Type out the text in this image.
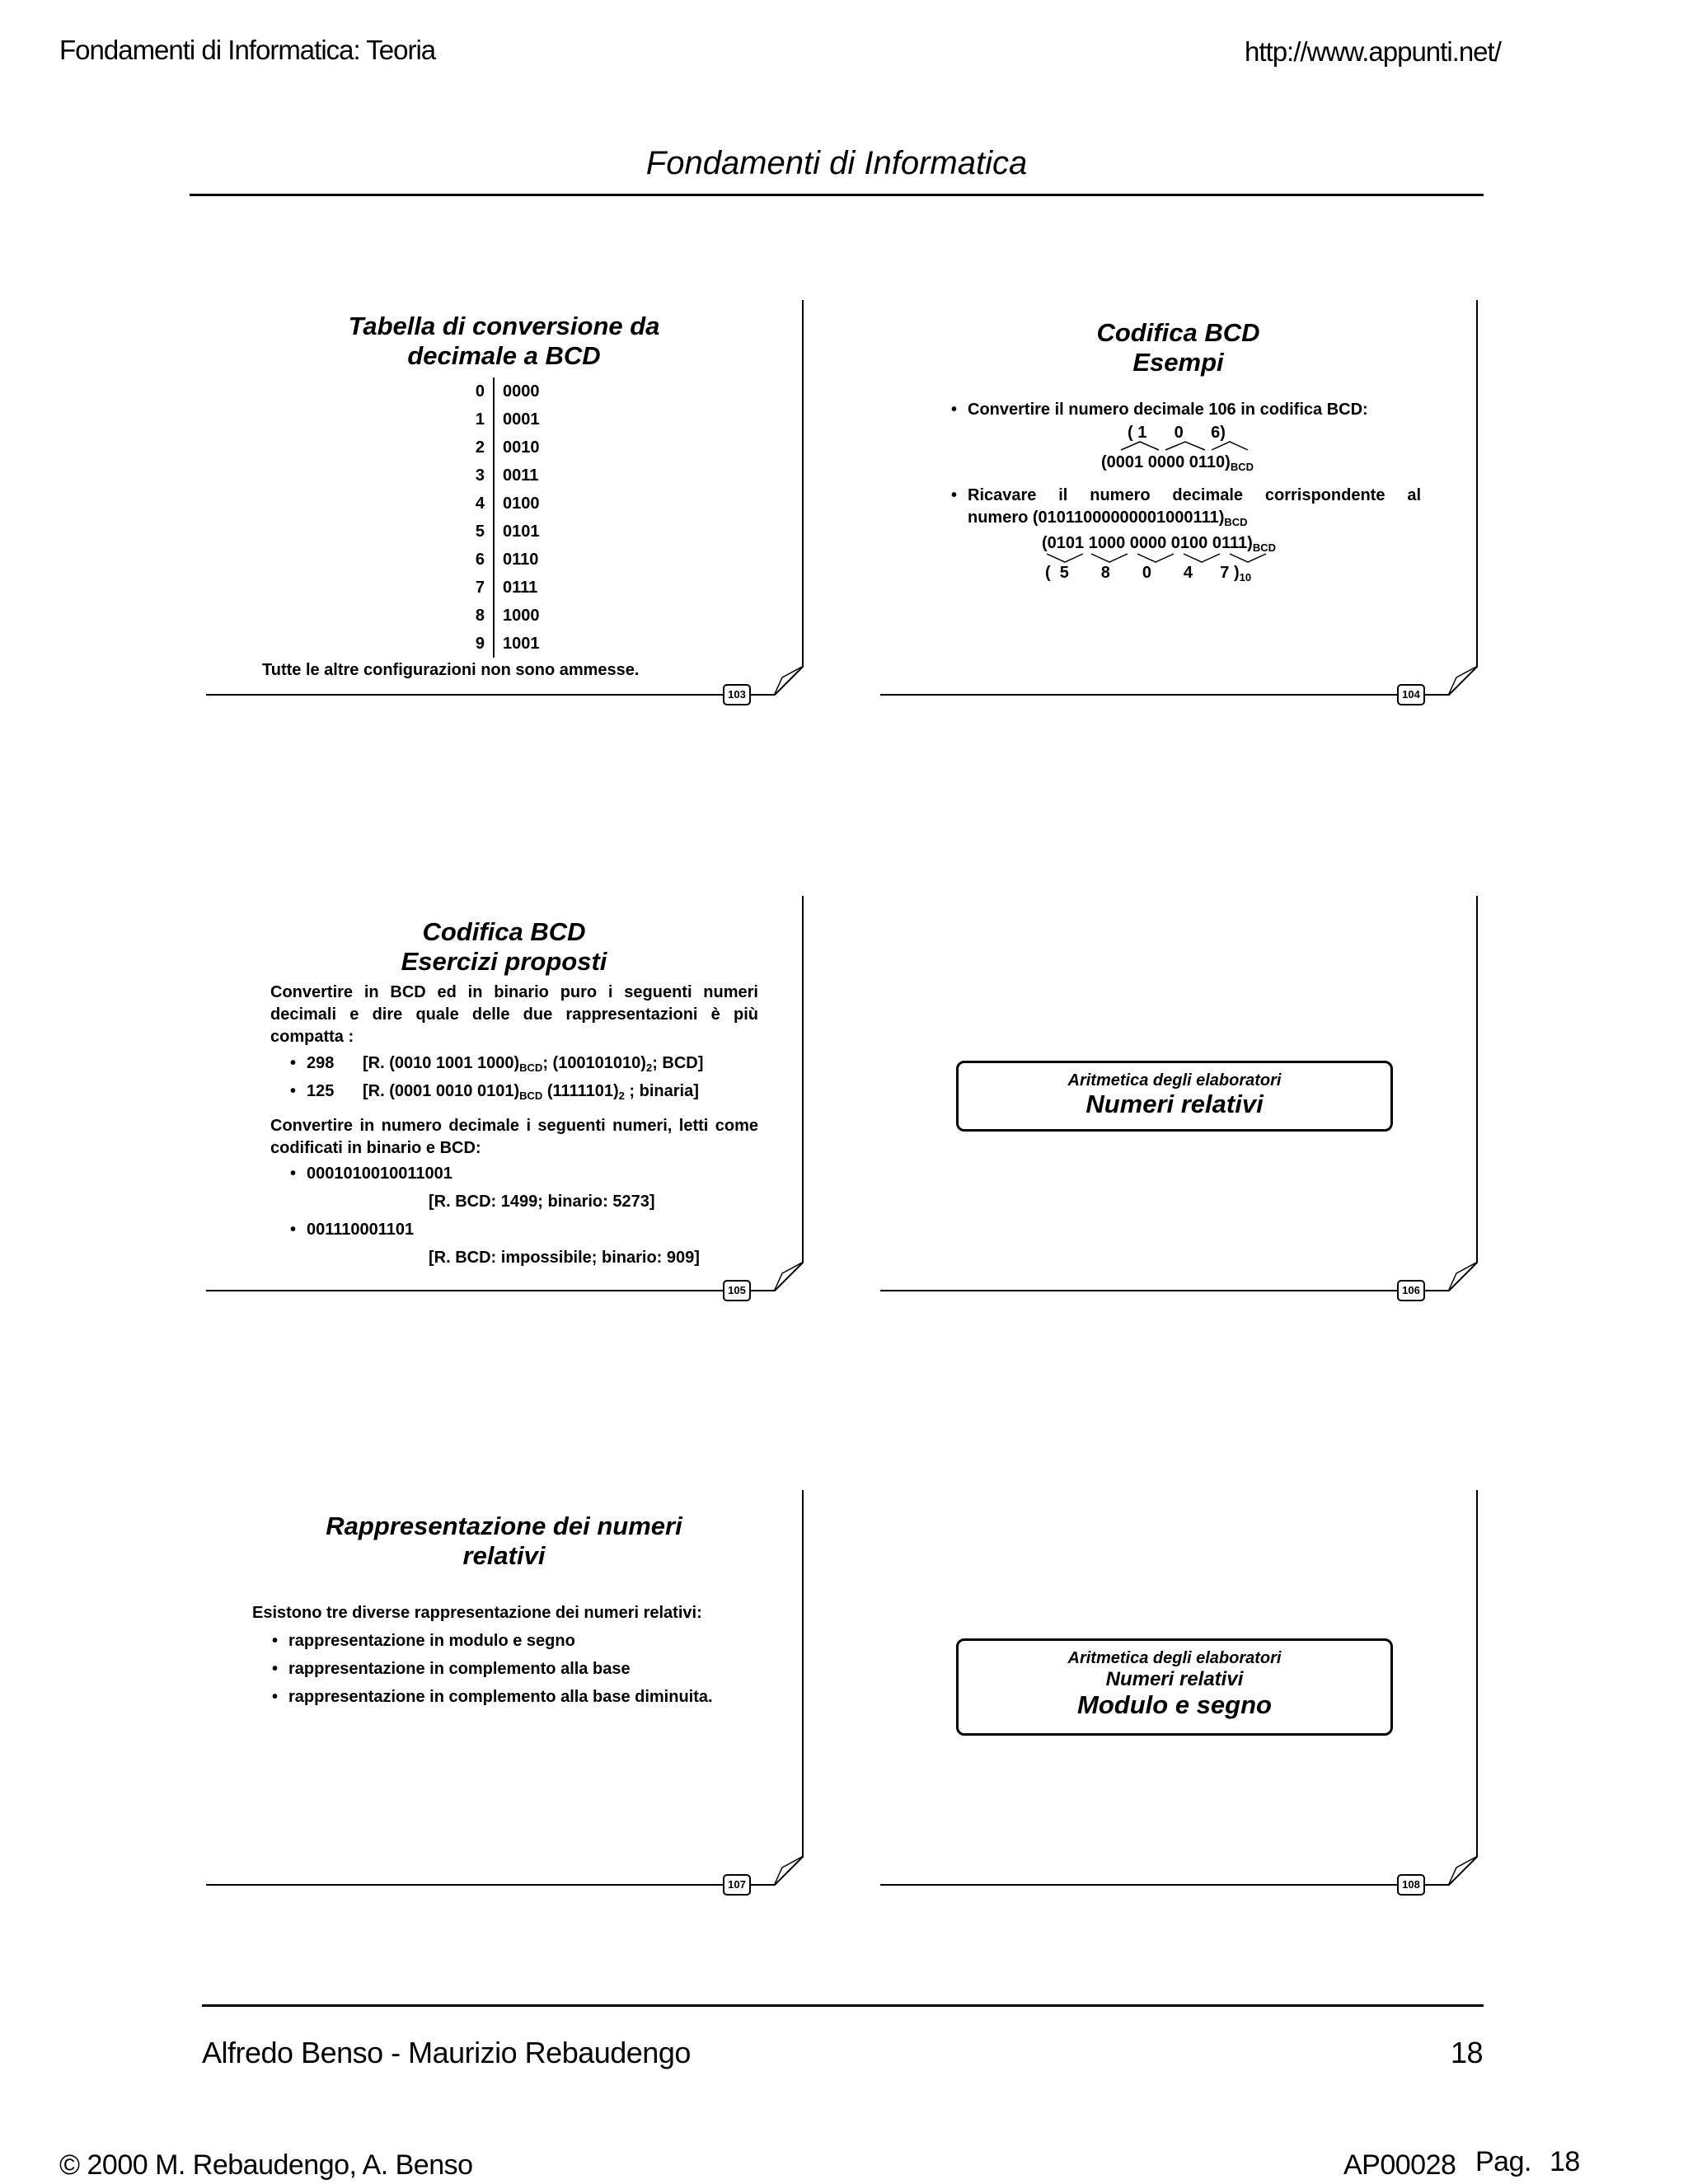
Fondamenti di Informatica: Teoria	http://www.appunti.net/
Fondamenti di Informatica
Tabella di conversione da
decimale a BCD
0	0000
1	0001
2	0010
3	0011
4	0100
5	0101
6	0110
7	0111
8	1000
9	1001
Tutte le altre configurazioni non sono ammesse.
103
Codifica BCD
Esempi
• Convertire il numero decimale 106 in codifica BCD:
( 1      0      6)
(0001 0000 $0110)_{BCD}$
• Ricavare il numero decimale corrispondente al
numero $(01011000000001000111)_{BCD}$
(0101 1000 0000 0100 $0111)_{BCD}$
(  5       8       0       4      7 )$_{10}$
104
Codifica BCD
Esercizi proposti
Convertire in BCD ed in binario puro i seguenti numeri decimali e dire quale delle due rappresentazioni è più compatta :
• 298 [R. (0010 1001 $1000)_{BCD}$; $(100101010)_2$; BCD]
• 125 [R. (0001 0010 $0101)_{BCD}$ $(1111101)_2$ ; binaria]
Convertire in numero decimale i seguenti numeri, letti come codificati in binario e BCD:
• 0001010010011001
[R. BCD: 1499; binario: 5273]
• 001110001101
[R. BCD: impossibile; binario: 909]
105
Aritmetica degli elaboratori
Numeri relativi
106
Rappresentazione dei numeri
relativi
Esistono tre diverse rappresentazione dei numeri relativi:
• rappresentazione in modulo e segno
• rappresentazione in complemento alla base
• rappresentazione in complemento alla base diminuita.
107
Aritmetica degli elaboratori
Numeri relativi
Modulo e segno
108
Alfredo Benso - Maurizio Rebaudengo	18
© 2000 M. Rebaudengo, A. Benso	AP00028 Pag. 18
